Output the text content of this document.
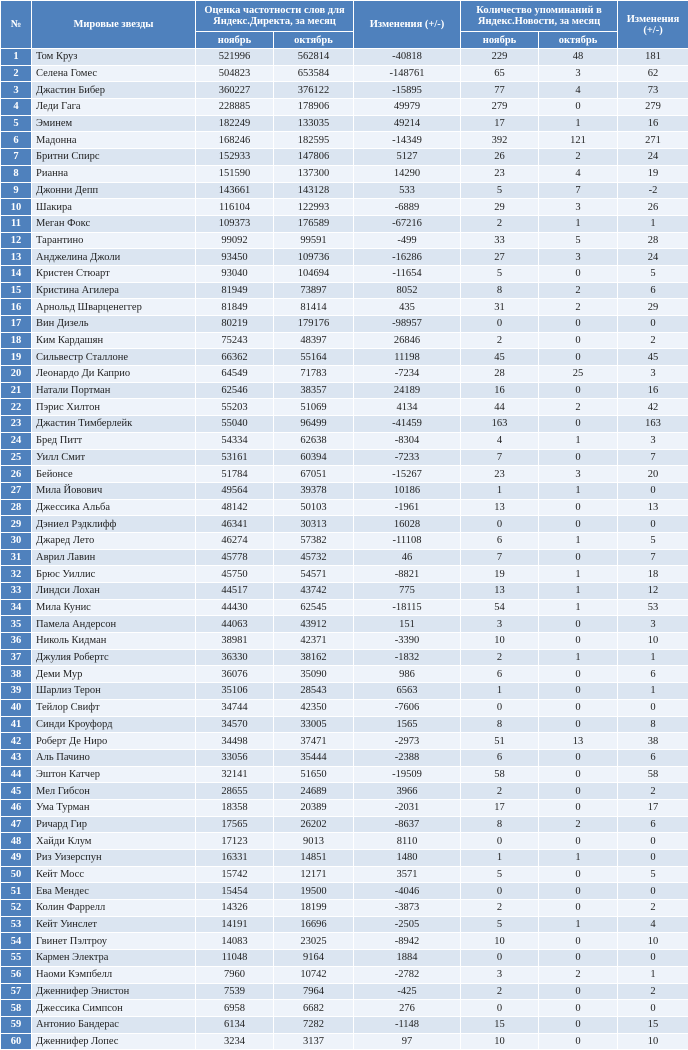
№	Мировые звезды	Оценка частотности слов для Яндекс.Директа, за месяц		Изменения (+/-)	Количество упоминаний в Яндекс.Новости, за месяц		Изменения (+/-)
		ноябрь	октябрь		ноябрь	октябрь	
1	Том Круз	521996	562814	-40818	229	48	181
2	Селена Гомес	504823	653584	-148761	65	3	62
3	Джастин Бибер	360227	376122	-15895	77	4	73
4	Леди Гага	228885	178906	49979	279	0	279
5	Эминем	182249	133035	49214	17	1	16
6	Мадонна	168246	182595	-14349	392	121	271
7	Бритни Спирс	152933	147806	5127	26	2	24
8	Рианна	151590	137300	14290	23	4	19
9	Джонни Депп	143661	143128	533	5	7	-2
10	Шакира	116104	122993	-6889	29	3	26
11	Меган Фокс	109373	176589	-67216	2	1	1
12	Тарантино	99092	99591	-499	33	5	28
13	Анджелина Джоли	93450	109736	-16286	27	3	24
14	Кристен Стюарт	93040	104694	-11654	5	0	5
15	Кристина Агилера	81949	73897	8052	8	2	6
16	Арнольд Шварценеггер	81849	81414	435	31	2	29
17	Вин Дизель	80219	179176	-98957	0	0	0
18	Ким Кардашян	75243	48397	26846	2	0	2
19	Сильвестр Сталлоне	66362	55164	11198	45	0	45
20	Леонардо Ди Каприо	64549	71783	-7234	28	25	3
21	Натали Портман	62546	38357	24189	16	0	16
22	Пэрис Хилтон	55203	51069	4134	44	2	42
23	Джастин Тимберлейк	55040	96499	-41459	163	0	163
24	Бред Питт	54334	62638	-8304	4	1	3
25	Уилл Смит	53161	60394	-7233	7	0	7
26	Бейонсе	51784	67051	-15267	23	3	20
27	Мила Йовович	49564	39378	10186	1	1	0
28	Джессика Альба	48142	50103	-1961	13	0	13
29	Дэниел Рэдклифф	46341	30313	16028	0	0	0
30	Джаред Лето	46274	57382	-11108	6	1	5
31	Аврил Лавин	45778	45732	46	7	0	7
32	Брюс Уиллис	45750	54571	-8821	19	1	18
33	Линдси Лохан	44517	43742	775	13	1	12
34	Мила Кунис	44430	62545	-18115	54	1	53
35	Памела Андерсон	44063	43912	151	3	0	3
36	Николь Кидман	38981	42371	-3390	10	0	10
37	Джулия Робертс	36330	38162	-1832	2	1	1
38	Деми Мур	36076	35090	986	6	0	6
39	Шарлиз Терон	35106	28543	6563	1	0	1
40	Тейлор Свифт	34744	42350	-7606	0	0	0
41	Синди Кроуфорд	34570	33005	1565	8	0	8
42	Роберт Де Ниро	34498	37471	-2973	51	13	38
43	Аль Пачино	33056	35444	-2388	6	0	6
44	Эштон Катчер	32141	51650	-19509	58	0	58
45	Мел Гибсон	28655	24689	3966	2	0	2
46	Ума Турман	18358	20389	-2031	17	0	17
47	Ричард Гир	17565	26202	-8637	8	2	6
48	Хайди Клум	17123	9013	8110	0	0	0
49	Риз Уизерспун	16331	14851	1480	1	1	0
50	Кейт Мосс	15742	12171	3571	5	0	5
51	Ева Мендес	15454	19500	-4046	0	0	0
52	Колин Фаррелл	14326	18199	-3873	2	0	2
53	Кейт Уинслет	14191	16696	-2505	5	1	4
54	Гвинет Пэлтроу	14083	23025	-8942	10	0	10
55	Кармен Электра	11048	9164	1884	0	0	0
56	Наоми Кэмпбелл	7960	10742	-2782	3	2	1
57	Дженнифер Энистон	7539	7964	-425	2	0	2
58	Джессика Симпсон	6958	6682	276	0	0	0
59	Антонио Бандерас	6134	7282	-1148	15	0	15
60	Дженнифер Лопес	3234	3137	97	10	0	10
